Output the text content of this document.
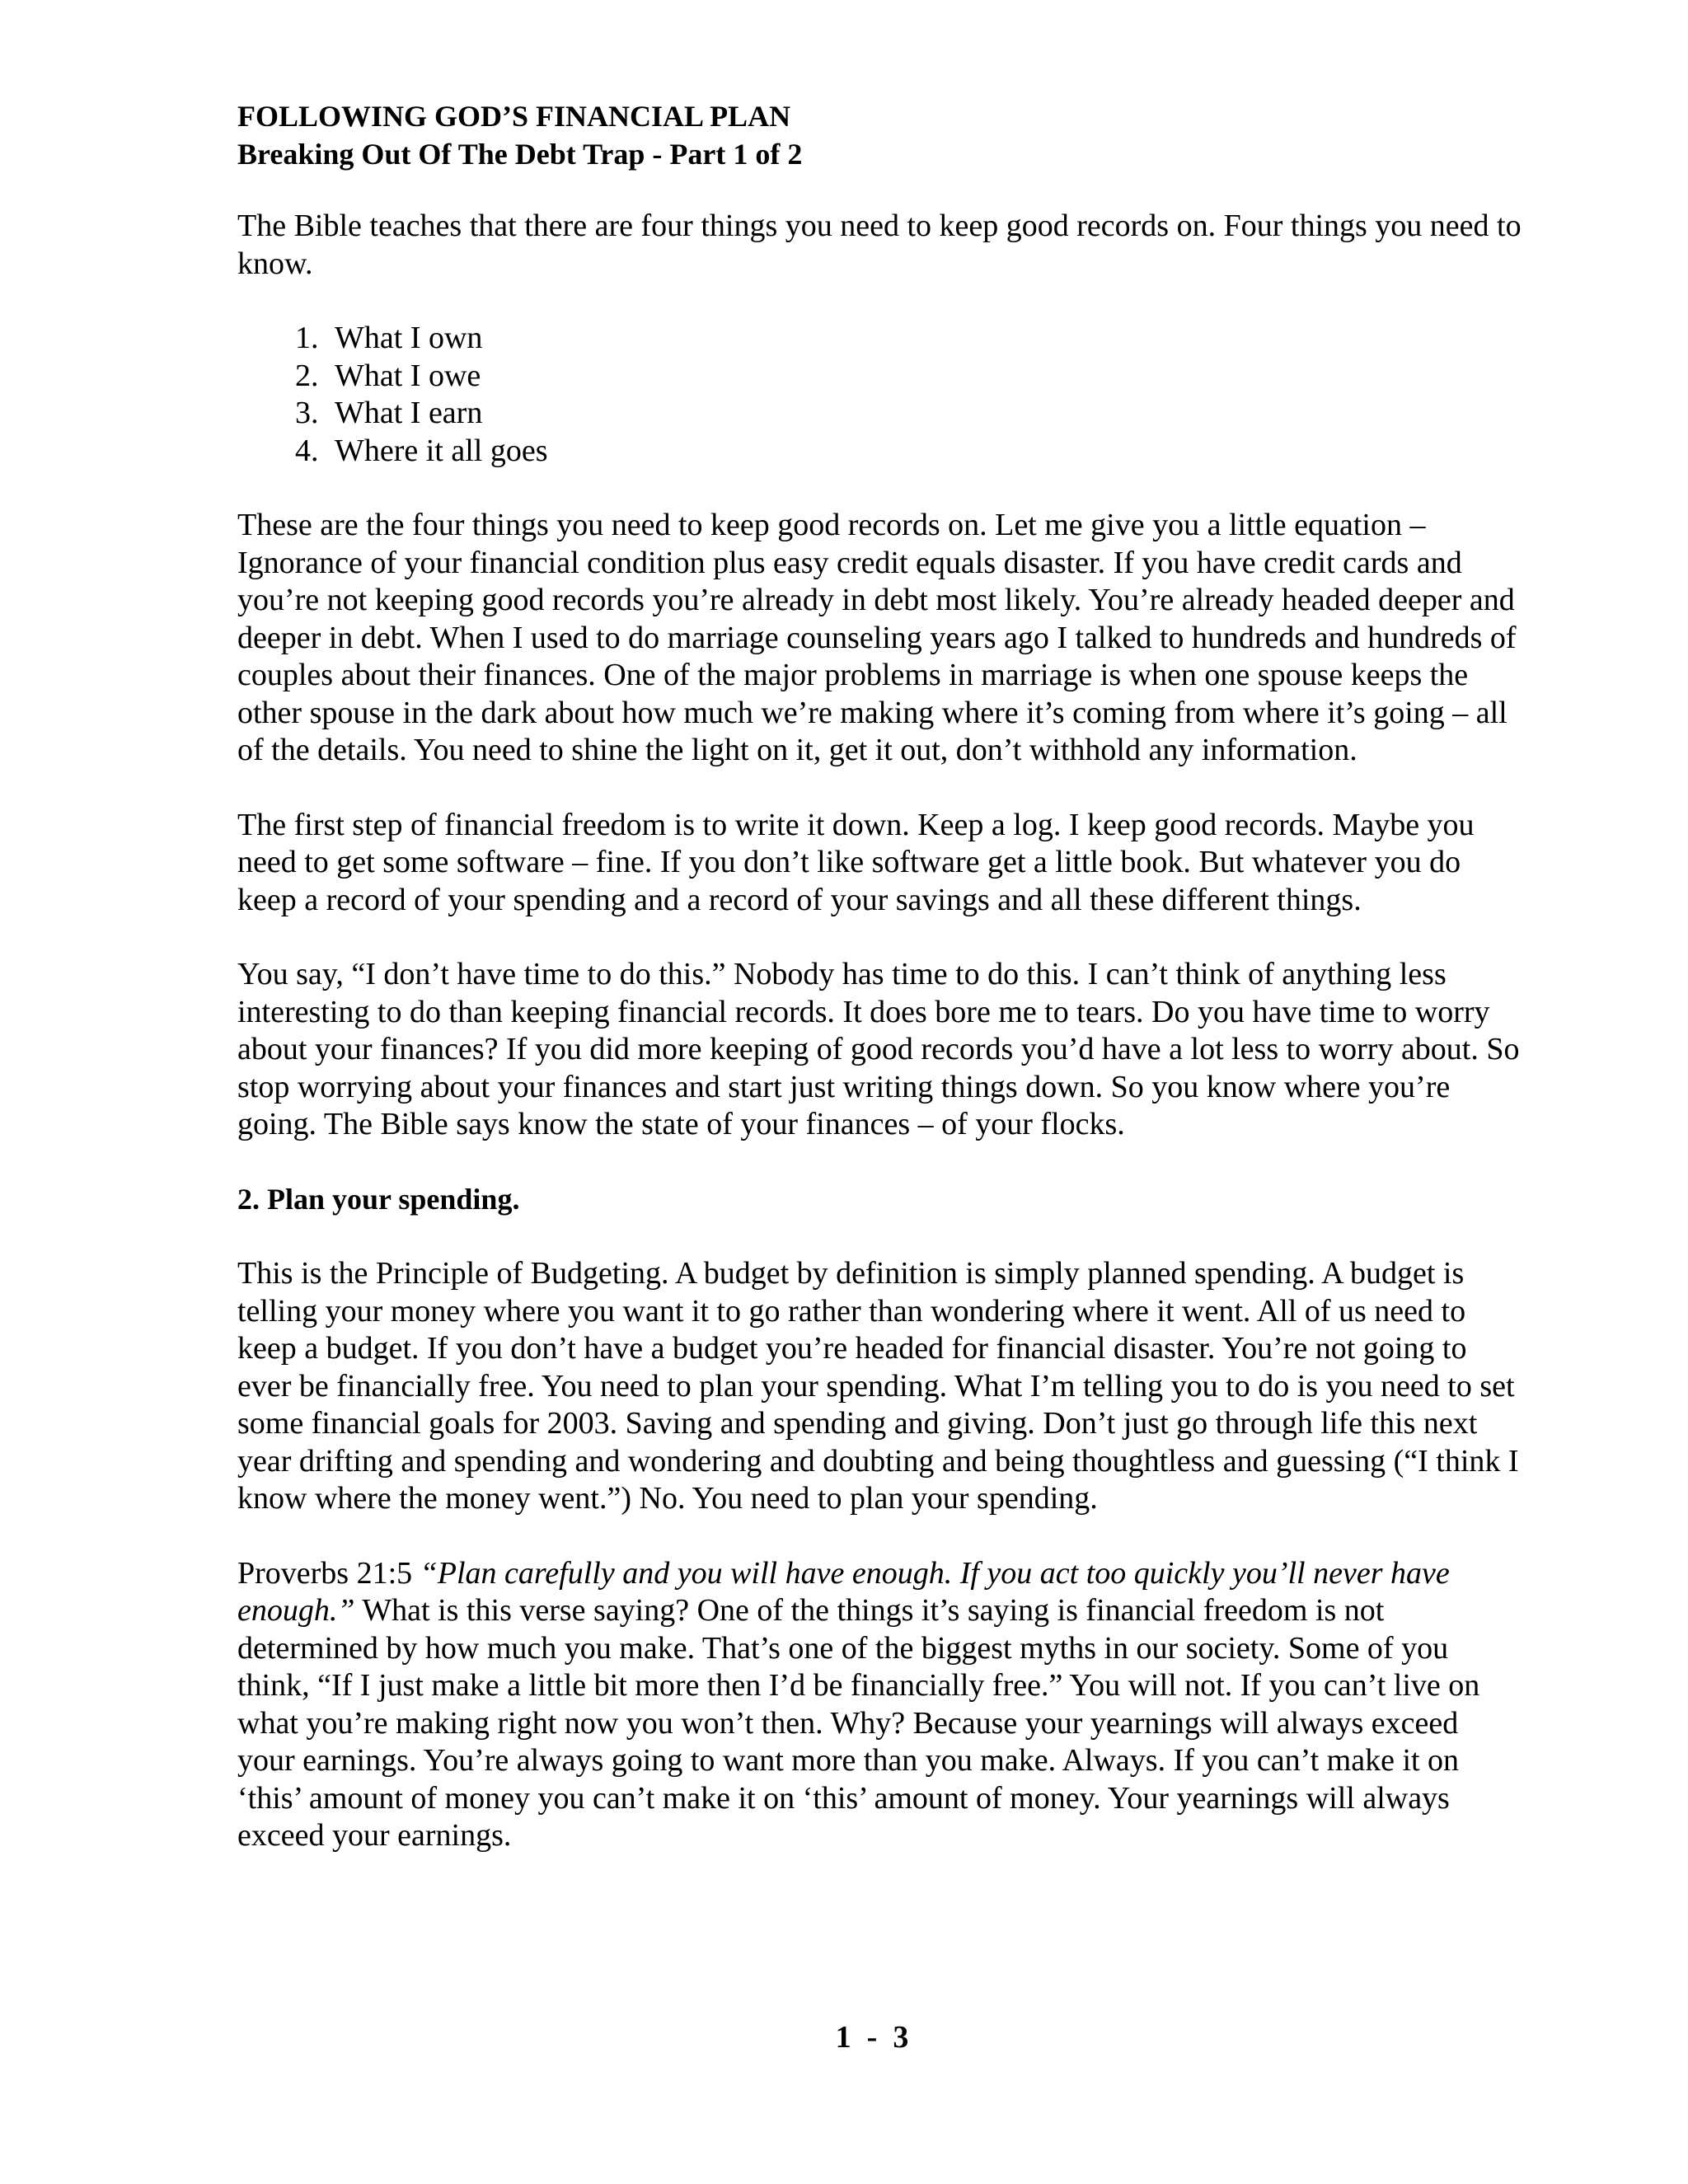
FOLLOWING GOD’S FINANCIAL PLAN
Breaking Out Of The Debt Trap - Part 1 of 2

The Bible teaches that there are four things you need to keep good records on. Four things you need to know.

1. What I own
2. What I owe
3. What I earn
4. Where it all goes

These are the four things you need to keep good records on. Let me give you a little equation – Ignorance of your financial condition plus easy credit equals disaster. If you have credit cards and you’re not keeping good records you’re already in debt most likely. You’re already headed deeper and deeper in debt. When I used to do marriage counseling years ago I talked to hundreds and hundreds of couples about their finances. One of the major problems in marriage is when one spouse keeps the other spouse in the dark about how much we’re making where it’s coming from where it’s going – all of the details. You need to shine the light on it, get it out, don’t withhold any information.

The first step of financial freedom is to write it down. Keep a log. I keep good records. Maybe you need to get some software – fine. If you don’t like software get a little book. But whatever you do keep a record of your spending and a record of your savings and all these different things.

You say, “I don’t have time to do this.” Nobody has time to do this. I can’t think of anything less interesting to do than keeping financial records. It does bore me to tears. Do you have time to worry about your finances? If you did more keeping of good records you’d have a lot less to worry about. So stop worrying about your finances and start just writing things down. So you know where you’re going. The Bible says know the state of your finances – of your flocks.

2. Plan your spending.

This is the Principle of Budgeting. A budget by definition is simply planned spending. A budget is telling your money where you want it to go rather than wondering where it went. All of us need to keep a budget. If you don’t have a budget you’re headed for financial disaster. You’re not going to ever be financially free. You need to plan your spending. What I’m telling you to do is you need to set some financial goals for 2003. Saving and spending and giving. Don’t just go through life this next year drifting and spending and wondering and doubting and being thoughtless and guessing (“I think I know where the money went.”) No. You need to plan your spending.

Proverbs 21:5 “Plan carefully and you will have enough. If you act too quickly you’ll never have enough.” What is this verse saying? One of the things it’s saying is financial freedom is not determined by how much you make. That’s one of the biggest myths in our society. Some of you think, “If I just make a little bit more then I’d be financially free.” You will not. If you can’t live on what you’re making right now you won’t then. Why? Because your yearnings will always exceed your earnings. You’re always going to want more than you make. Always. If you can’t make it on ‘this’ amount of money you can’t make it on ‘this’ amount of money. Your yearnings will always exceed your earnings.

1  -  3
